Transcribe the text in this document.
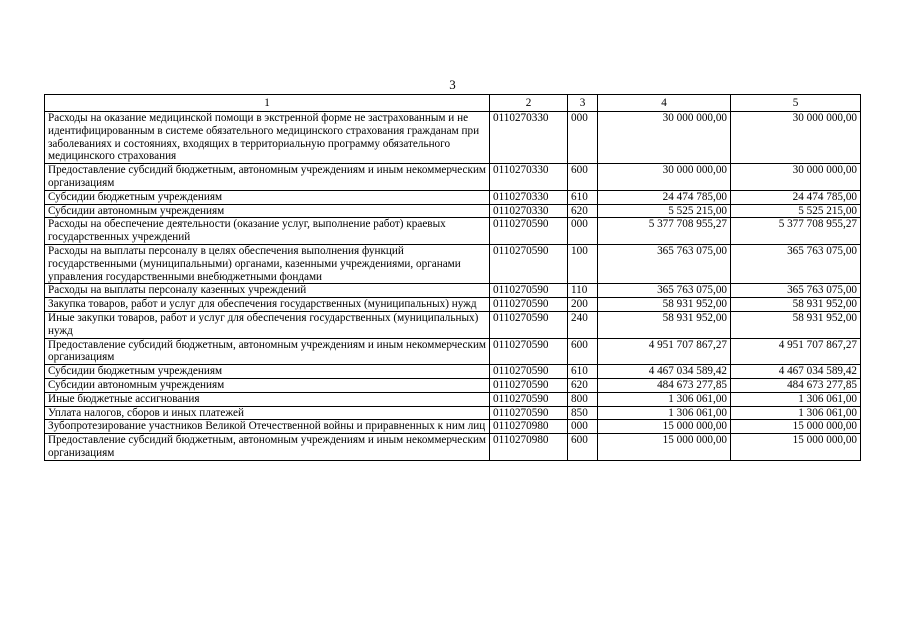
3
1	2	3	4	5
Расходы на оказание медицинской помощи в экстренной форме не застрахованным и не идентифицированным в системе обязательного медицинского страхования гражданам при заболеваниях и состояниях, входящих в территориальную программу обязательного медицинского страхования	0110270330	000	30 000 000,00	30 000 000,00
Предоставление субсидий бюджетным, автономным учреждениям и иным некоммерческим организациям	0110270330	600	30 000 000,00	30 000 000,00
Субсидии бюджетным учреждениям	0110270330	610	24 474 785,00	24 474 785,00
Субсидии автономным учреждениям	0110270330	620	5 525 215,00	5 525 215,00
Расходы на обеспечение деятельности (оказание услуг, выполнение работ) краевых государственных учреждений	0110270590	000	5 377 708 955,27	5 377 708 955,27
Расходы на выплаты персоналу в целях обеспечения выполнения функций государственными (муниципальными) органами, казенными учреждениями, органами управления государственными внебюджетными фондами	0110270590	100	365 763 075,00	365 763 075,00
Расходы на выплаты персоналу казенных учреждений	0110270590	110	365 763 075,00	365 763 075,00
Закупка товаров, работ и услуг для обеспечения государственных (муниципальных) нужд	0110270590	200	58 931 952,00	58 931 952,00
Иные закупки товаров, работ и услуг для обеспечения государственных (муниципальных) нужд	0110270590	240	58 931 952,00	58 931 952,00
Предоставление субсидий бюджетным, автономным учреждениям и иным некоммерческим организациям	0110270590	600	4 951 707 867,27	4 951 707 867,27
Субсидии бюджетным учреждениям	0110270590	610	4 467 034 589,42	4 467 034 589,42
Субсидии автономным учреждениям	0110270590	620	484 673 277,85	484 673 277,85
Иные бюджетные ассигнования	0110270590	800	1 306 061,00	1 306 061,00
Уплата налогов, сборов и иных платежей	0110270590	850	1 306 061,00	1 306 061,00
Зубопротезирование участников Великой Отечественной войны и приравненных к ним лиц	0110270980	000	15 000 000,00	15 000 000,00
Предоставление субсидий бюджетным, автономным учреждениям и иным некоммерческим организациям	0110270980	600	15 000 000,00	15 000 000,00
